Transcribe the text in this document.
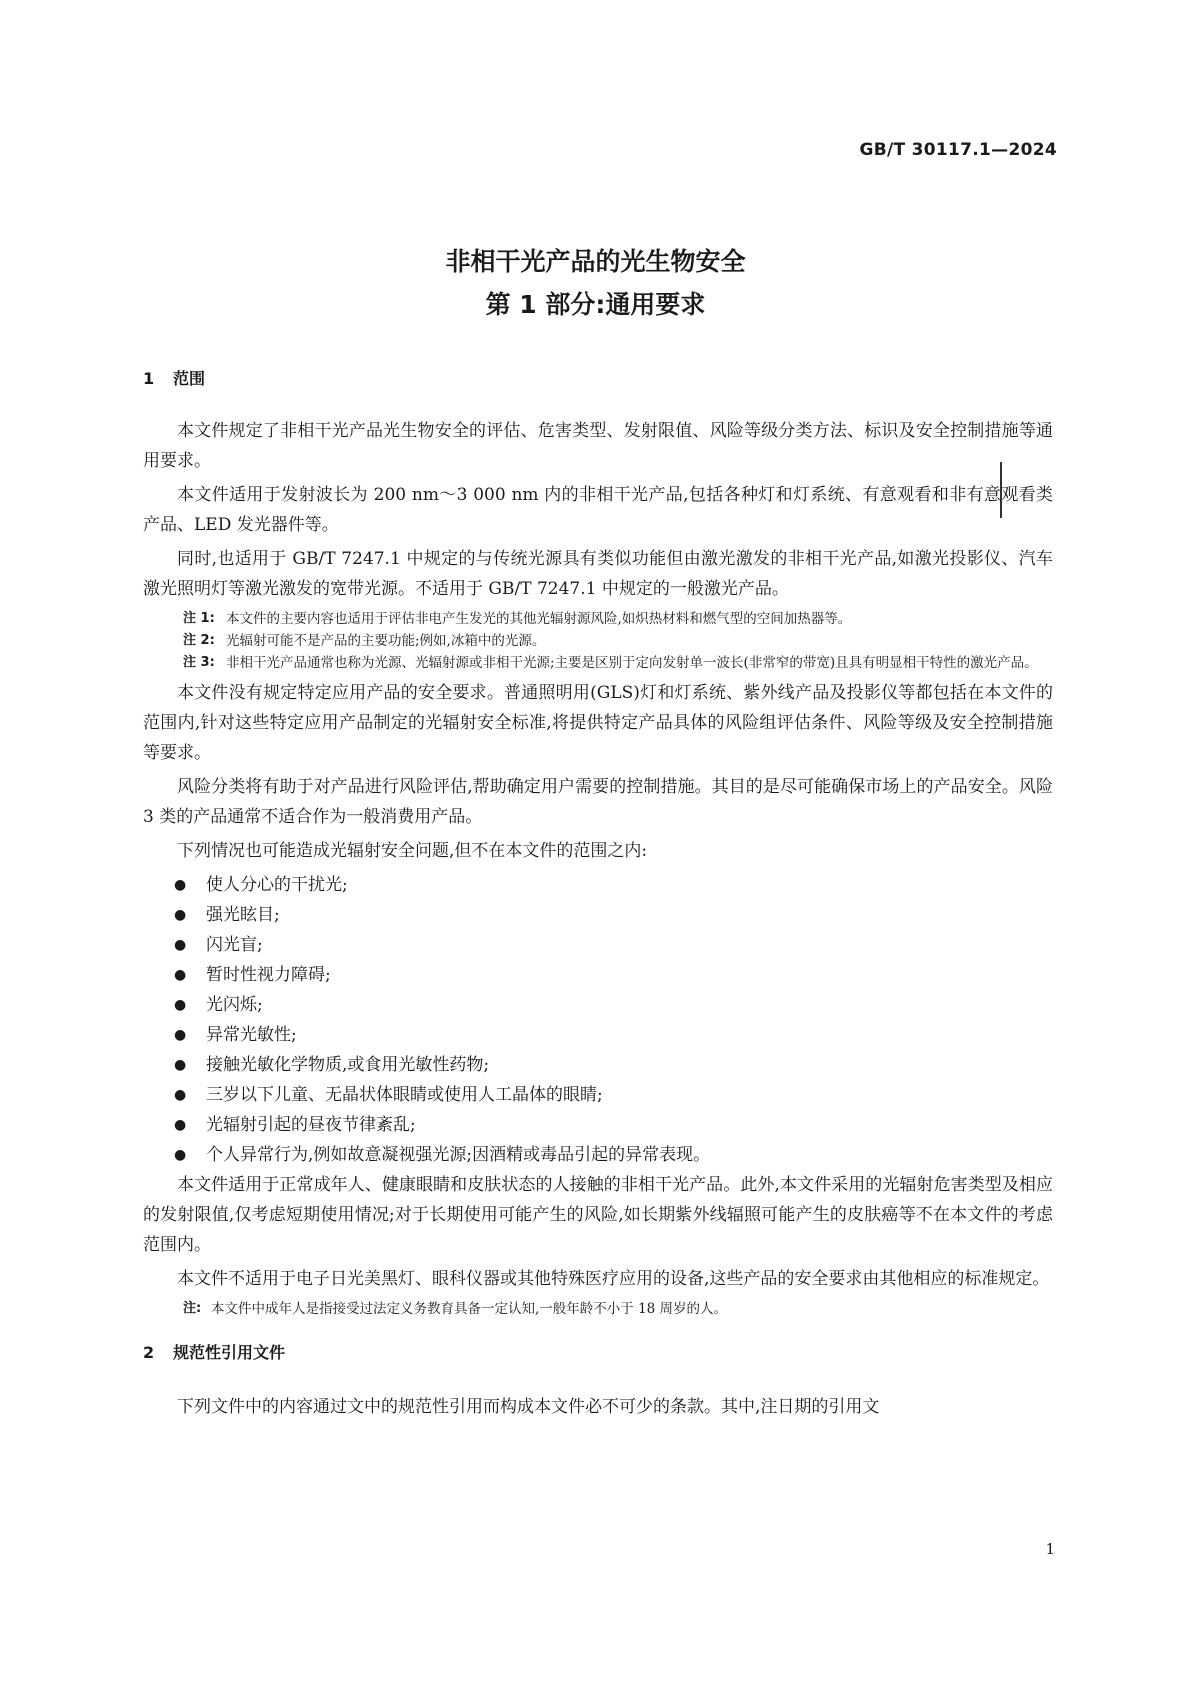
GB/T 30117.1—2024
非相干光产品的光生物安全
第 1 部分:通用要求
1 范围

本文件规定了非相干光产品光生物安全的评估、危害类型、发射限值、风险等级分类方法、标识及安全控制措施等通用要求。

本文件适用于发射波长为 200 nm～3 000 nm 内的非相干光产品,包括各种灯和灯系统、有意观看和非有意观看类产品、LED 发光器件等。

同时,也适用于 GB/T 7247.1 中规定的与传统光源具有类似功能但由激光激发的非相干光产品,如激光投影仪、汽车激光照明灯等激光激发的宽带光源。不适用于 GB/T 7247.1 中规定的一般激光产品。

注 1: 本文件的主要内容也适用于评估非电产生发光的其他光辐射源风险,如炽热材料和燃气型的空间加热器等。

注 2: 光辐射可能不是产品的主要功能;例如,冰箱中的光源。

注 3: 非相干光产品通常也称为光源、光辐射源或非相干光源;主要是区别于定向发射单一波长(非常窄的带宽)且具有明显相干特性的激光产品。

本文件没有规定特定应用产品的安全要求。普通照明用(GLS)灯和灯系统、紫外线产品及投影仪等都包括在本文件的范围内,针对这些特定应用产品制定的光辐射安全标准,将提供特定产品具体的风险组评估条件、风险等级及安全控制措施等要求。

风险分类将有助于对产品进行风险评估,帮助确定用户需要的控制措施。其目的是尽可能确保市场上的产品安全。风险 3 类的产品通常不适合作为一般消费用产品。

下列情况也可能造成光辐射安全问题,但不在本文件的范围之内:

● 使人分心的干扰光;
● 强光眩目;
● 闪光盲;
● 暂时性视力障碍;
● 光闪烁;
● 异常光敏性;
● 接触光敏化学物质,或食用光敏性药物;
● 三岁以下儿童、无晶状体眼睛或使用人工晶体的眼睛;
● 光辐射引起的昼夜节律紊乱;
● 个人异常行为,例如故意凝视强光源;因酒精或毒品引起的异常表现。

本文件适用于正常成年人、健康眼睛和皮肤状态的人接触的非相干光产品。此外,本文件采用的光辐射危害类型及相应的发射限值,仅考虑短期使用情况;对于长期使用可能产生的风险,如长期紫外线辐照可能产生的皮肤癌等不在本文件的考虑范围内。

本文件不适用于电子日光美黑灯、眼科仪器或其他特殊医疗应用的设备,这些产品的安全要求由其他相应的标准规定。

注: 本文件中成年人是指接受过法定义务教育具备一定认知,一般年龄不小于 18 周岁的人。

2 规范性引用文件

下列文件中的内容通过文中的规范性引用而构成本文件必不可少的条款。其中,注日期的引用文

1
